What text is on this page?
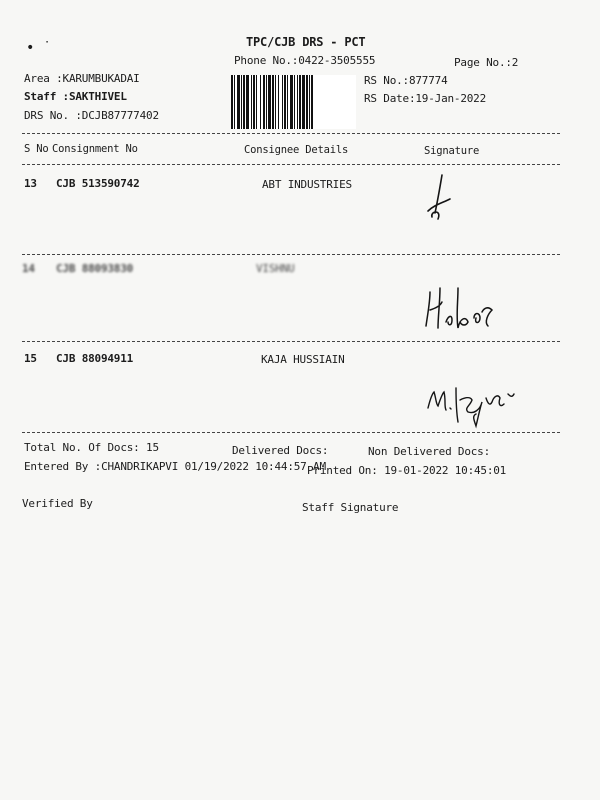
• ˙	TPC/CJB DRS - PCT
Phone No.:0422-3505555	Page No.:2
Area :KARUMBUKADAI
Staff :SAKTHIVEL
DRS No. :DCJB87777402
RS No.:877774
RS Date:19-Jan-2022
S No Consignment No	Consignee Details	Signature
13 CJB 513590742	ABT INDUSTRIES
14 CJB 88093830	VISHNU
15 CJB 88094911	KAJA HUSSIAIN
Total No. Of Docs: 15	Delivered Docs:	Non Delivered Docs:
Entered By :CHANDRIKAPVI 01/19/2022 10:44:57 AM
Printed On: 19-01-2022 10:45:01
Verified By	Staff Signature
